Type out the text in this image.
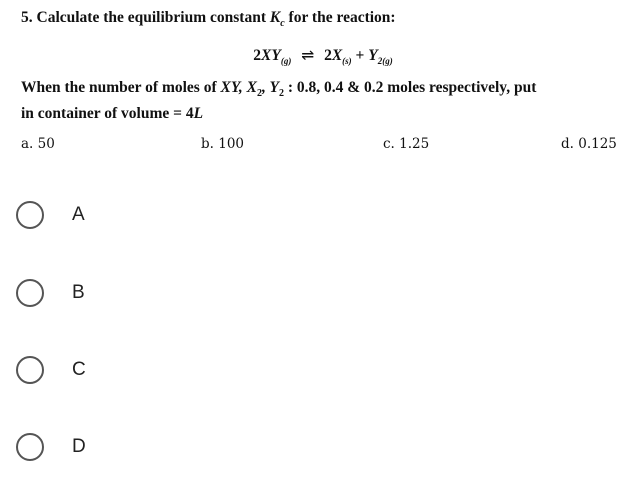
5. Calculate the equilibrium constant $K_c$ for the reaction:

$2XY_{(g)}$ ⇌ $2X_{(s)} + Y_{2(g)}$
When the number of moles of XY, $X_2$, $Y_2$ : 0.8, 0.4 & 0.2 moles respectively, put
in container of volume = 4L
a. 50	b. 100	c. 1.25	d. 0.125
A
B
C
D
